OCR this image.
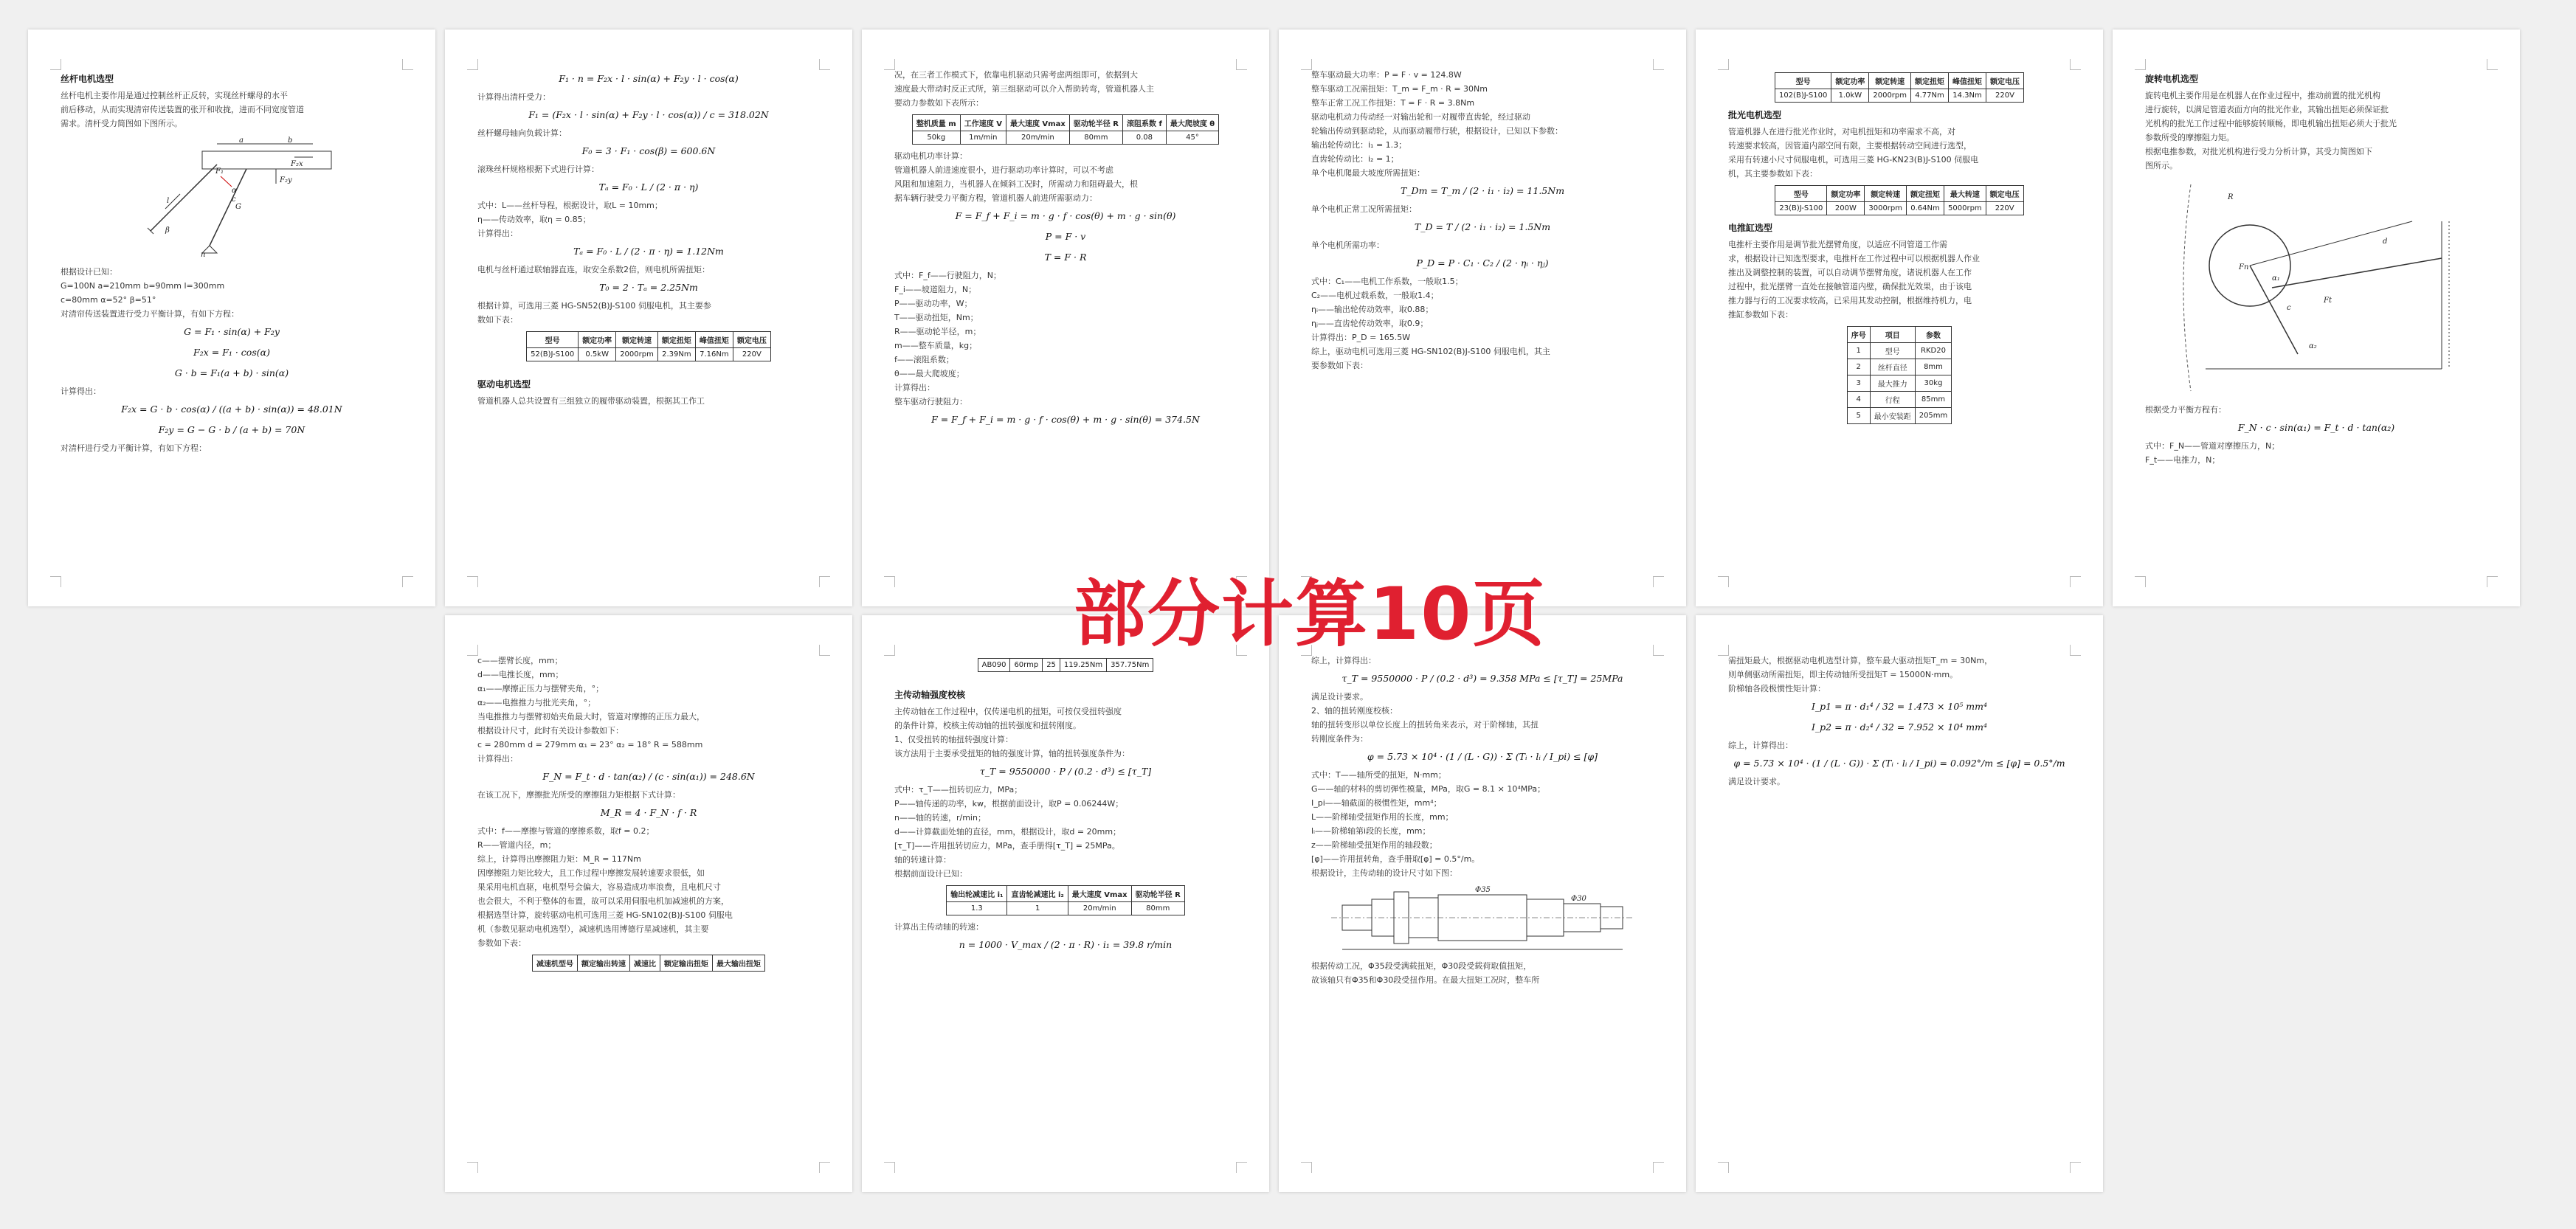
丝杆电机选型

丝杆电机主要作用是通过控制丝杆正反转，实现丝杆螺母的水平

前后移动，从而实现清帘传送装置的张开和收拢，进而不同宽度管道

需求。清杆受力简图如下图所示。

a	b
l	c
F₁
F₂x
F₂y
G
α
β
n

根据设计已知：

G=100N a=210mm b=90mm l=300mm

c=80mm α=52° β=51°

对清帘传送装置进行受力平衡计算，有如下方程：

G = F₁ · sin(α) + F₂y

F₂x = F₁ · cos(α)

G · b = F₁(a + b) · sin(α)

计算得出：

F₂x = G · b · cos(α) / ((a + b) · sin(α)) = 48.01N

F₂y = G − G · b / (a + b) = 70N

对清杆进行受力平衡计算，有如下方程：

F₁ · n = F₂x · l · sin(α) + F₂y · l · cos(α)

计算得出清杆受力：

F₁ = (F₂x · l · sin(α) + F₂y · l · cos(α)) / c = 318.02N

丝杆螺母轴向负载计算：

F₀ = 3 · F₁ · cos(β) = 600.6N

滚珠丝杆规格根据下式进行计算：

Tₐ = F₀ · L / (2 · π · η)

式中：L——丝杆导程，根据设计，取L = 10mm；

η——传动效率，取η = 0.85；

计算得出：

Tₐ = F₀ · L / (2 · π · η) = 1.12Nm

电机与丝杆通过联轴器直连，取安全系数2倍，则电机所需扭矩：

T₀ = 2 · Tₐ = 2.25Nm

根据计算，可选用三菱 HG-SN52(B)J-S100 伺服电机，其主要参

数如下表：

型号	额定功率	额定转速	额定扭矩	峰值扭矩	额定电压
52(B)J-S100	0.5kW	2000rpm	2.39Nm	7.16Nm	220V

驱动电机选型

管道机器人总共设置有三组独立的履带驱动装置，根据其工作工

况，在三者工作模式下，依靠电机驱动只需考虑两组即可，依据到大

速度最大带动时反正式所，第三组驱动可以介入帮助转弯，管道机器人主

要动力参数如下表所示：

整机质量 m	工作速度 V	最大速度 Vmax	驱动轮半径 R	滚阻系数 f	最大爬坡度 θ
50kg	1m/min	20m/min	80mm	0.08	45°

驱动电机功率计算：

管道机器人前进速度很小，进行驱动功率计算时，可以不考虑

风阻和加速阻力，当机器人在倾斜工况时，所需动力和阻碍最大，根

据车辆行驶受力平衡方程，管道机器人前进所需驱动力：

F = F_f + F_i = m · g · f · cos(θ) + m · g · sin(θ)

P = F · v

T = F · R

式中：F_f——行驶阻力，N；

F_i——坡道阻力，N；

P——驱动功率，W；

T——驱动扭矩，Nm；

R——驱动轮半径，m；

m——整车质量，kg；

f——滚阻系数；

θ——最大爬坡度；

计算得出：

整车驱动行驶阻力：

F = F_f + F_i = m · g · f · cos(θ) + m · g · sin(θ) = 374.5N

整车驱动最大功率：P = F · v = 124.8W

整车驱动工况需扭矩：T_m = F_m · R = 30Nm

整车正常工况工作扭矩：T = F · R = 3.8Nm

驱动电机动力传动经一对输出轮和一对履带直齿轮，经过驱动

轮输出传动到驱动轮，从而驱动履带行驶，根据设计，已知以下参数：

输出轮传动比：i₁ = 1.3；

直齿轮传动比：i₂ = 1；

单个电机爬最大坡度所需扭矩：

T_Dm = T_m / (2 · i₁ · i₂) = 11.5Nm

单个电机正常工况所需扭矩：

T_D = T / (2 · i₁ · i₂) = 1.5Nm

单个电机所需功率：

P_D = P · C₁ · C₂ / (2 · ηᵢ · ηⱼ)

式中：C₁——电机工作系数，一般取1.5；

C₂——电机过载系数，一般取1.4；

ηᵢ——输出轮传动效率，取0.88；

ηⱼ——直齿轮传动效率，取0.9；

计算得出：P_D = 165.5W

综上，驱动电机可选用三菱 HG-SN102(B)J-S100 伺服电机，其主

要参数如下表：

型号	额定功率	额定转速	额定扭矩	峰值扭矩	额定电压
102(B)J-S100	1.0kW	2000rpm	4.77Nm	14.3Nm	220V

批光电机选型

管道机器人在进行批光作业时，对电机扭矩和功率需求不高，对

转速要求较高，因管道内部空间有限，主要根据转动空间进行选型，

采用有转速小尺寸伺服电机，可选用三菱 HG-KN23(B)J-S100 伺服电

机，其主要参数如下表：

型号	额定功率	额定转速	额定扭矩	最大转速	额定电压
23(B)J-S100	200W	3000rpm	0.64Nm	5000rpm	220V

电推缸选型

电推杆主要作用是调节批光摆臂角度，以适应不同管道工作需

求，根据设计已知选型要求，电推杆在工作过程中可以根据机器人作业

推出及调整控制的装置，可以自动调节摆臂角度，诸说机器人在工作

过程中，批光摆臂一直处在接触管道内壁，确保批光效果，由于该电

推力器与行的工况要求较高，已采用其发动控制，根据维持机力，电

推缸参数如下表：

序号	项目	参数
1	型号	RKD20
2	丝杆直径	8mm
3	最大推力	30kg
4	行程	85mm
5	最小安装距	205mm

旋转电机选型

旋转电机主要作用是在机器人在作业过程中，推动前置的批光机构

进行旋转，以满足管道表面方向的批光作业，其输出扭矩必须保证批

光机构的批光工作过程中能够旋转顺畅，即电机输出扭矩必须大于批光

参数所受的摩擦阻力矩。

根据电推参数，对批光机构进行受力分析计算，其受力简图如下

图所示。

R
Fn
Ft
d
c
α₁
α₂

根据受力平衡方程有：

F_N · c · sin(α₁) = F_t · d · tan(α₂)

式中：F_N——管道对摩擦压力，N；

F_t——电推力，N；

c——摆臂长度，mm；

d——电推长度，mm；

α₁——摩擦正压力与摆臂夹角，°；

α₂——电推推力与批光夹角，°；

当电推推力与摆臂初始夹角最大时，管道对摩擦的正压力最大，

根据设计尺寸，此时有关设计参数如下：

c = 280mm d = 279mm α₁ = 23° α₂ = 18° R = 588mm

计算得出：

F_N = F_t · d · tan(α₂) / (c · sin(α₁)) = 248.6N

在该工况下，摩擦批光所受的摩擦阻力矩根据下式计算：

M_R = 4 · F_N · f · R

式中：f——摩擦与管道的摩擦系数，取f = 0.2；

R——管道内径，m；

综上，计算得出摩擦阻力矩：M_R = 117Nm

因摩擦阻力矩比较大，且工作过程中摩擦发展转速要求很低，如

果采用电机直驱，电机型号会偏大，容易造成功率浪费，且电机尺寸

也会很大，不利于整体的布置，故可以采用伺服电机加减速机的方案，

根据选型计算，旋转驱动电机可选用三菱 HG-SN102(B)J-S100 伺服电

机（参数见驱动电机选型），减速机选用博德行星减速机，其主要

参数如下表：

减速机型号	额定输出转速	减速比	额定输出扭矩	最大输出扭矩
AB090	60rmp	25	119.25Nm	357.75Nm

主传动轴强度校核

主传动轴在工作过程中，仅传递电机的扭矩，可按仅受扭转强度

的条件计算，校核主传动轴的扭转强度和扭转刚度。

1、仅受扭转的轴扭转强度计算：

该方法用于主要承受扭矩的轴的强度计算，轴的扭转强度条件为：

τ_T = 9550000 · P / (0.2 · d³) ≤ [τ_T]

式中：τ_T——扭转切应力，MPa；

P——轴传递的功率，kw，根据前面设计，取P = 0.06244W；

n——轴的转速，r/min；

d——计算截面处轴的直径，mm，根据设计，取d = 20mm；

[τ_T]——许用扭转切应力，MPa，查手册得[τ_T] = 25MPa。

轴的转速计算：

根据前面设计已知：

输出轮减速比 i₁	直齿轮减速比 i₂	最大速度 Vmax	驱动轮半径 R
1.3	1	20m/min	80mm

计算出主传动轴的转速：

n = 1000 · V_max / (2 · π · R) · i₁ = 39.8 r/min

综上，计算得出：

τ_T = 9550000 · P / (0.2 · d³) = 9.358 MPa ≤ [τ_T] = 25MPa

满足设计要求。

2、轴的扭转刚度校核：

轴的扭转变形以单位长度上的扭转角来表示，对于阶梯轴，其扭

转刚度条件为：

φ = 5.73 × 10⁴ · (1 / (L · G)) · Σ (Tᵢ · lᵢ / I_pi) ≤ [φ]

式中：T——轴所受的扭矩，N·mm；

G——轴的材料的剪切弹性模量，MPa，取G = 8.1 × 10⁴MPa；

I_pi——轴截面的极惯性矩，mm⁴；

L——阶梯轴受扭矩作用的长度，mm；

lᵢ——阶梯轴第i段的长度，mm；

z——阶梯轴受扭矩作用的轴段数；

[φ]——许用扭转角，查手册取[φ] = 0.5°/m。

根据设计，主传动轴的设计尺寸如下图：

Φ35
Φ30

根据传动工况，Φ35段受满载扭矩，Φ30段受载荷取值扭矩，

故该轴只有Φ35和Φ30段受扭作用。在最大扭矩工况时，整车所

需扭矩最大，根据驱动电机选型计算，整车最大驱动扭矩T_m = 30Nm，

则单侧驱动所需扭矩，即主传动轴所受扭矩T = 15000N·mm。

阶梯轴各段极惯性矩计算：

I_p1 = π · d₁⁴ / 32 = 1.473 × 10⁵ mm⁴

I_p2 = π · d₂⁴ / 32 = 7.952 × 10⁴ mm⁴

综上，计算得出：

φ = 5.73 × 10⁴ · (1 / (L · G)) · Σ (Tᵢ · lᵢ / I_pi) = 0.092°/m ≤ [φ] = 0.5°/m

满足设计要求。

部分计算10页
